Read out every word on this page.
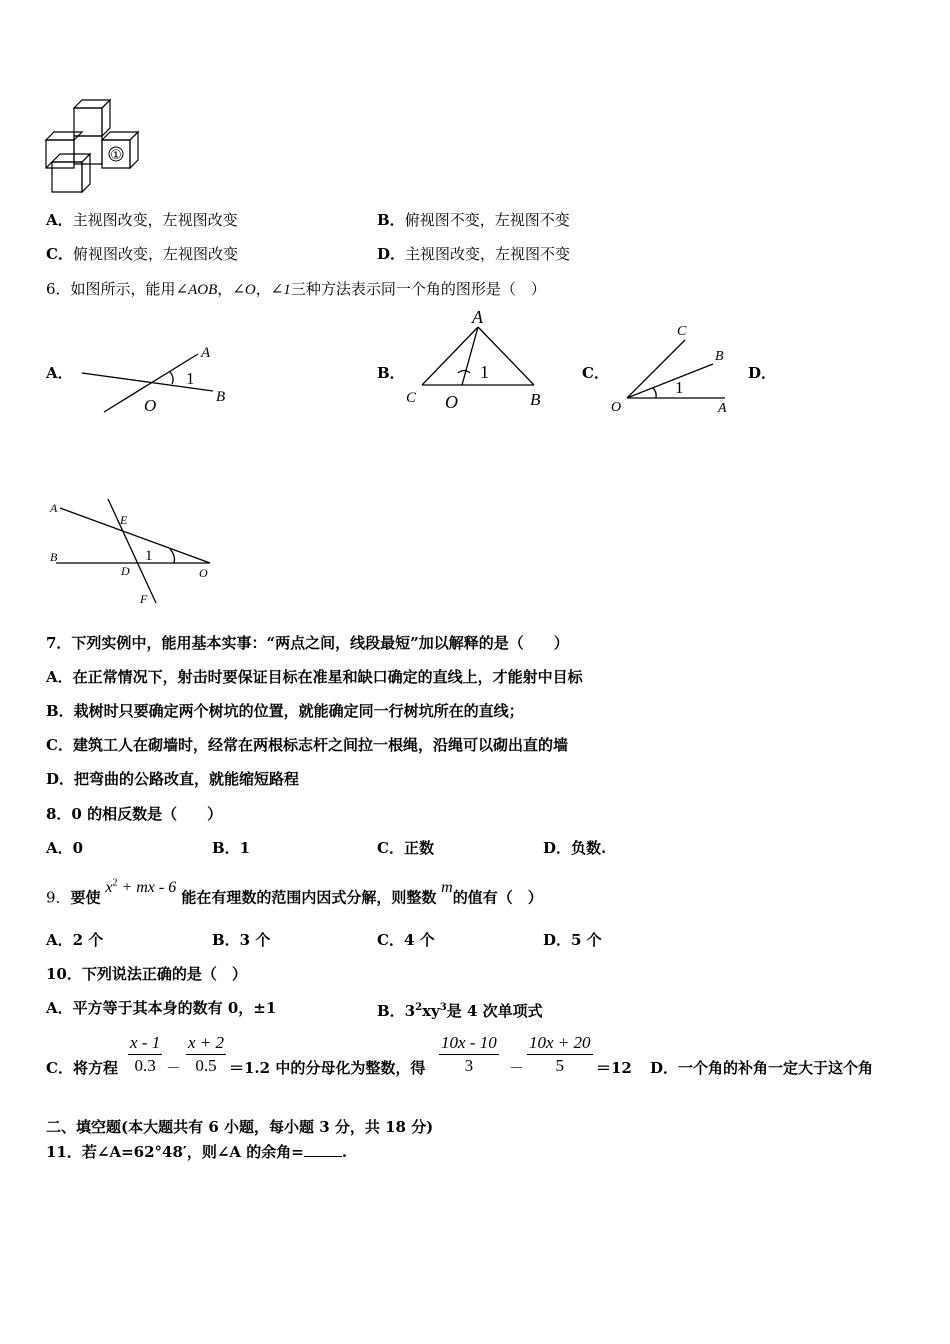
①
A．主视图改变，左视图改变	B．俯视图不变，左视图不变
C．俯视图改变，左视图改变	D．主视图改变，左视图不变
6．如图所示，能用∠AOB，∠O，∠1三种方法表示同一个角的图形是（　）
A．	B．	C．	D．
A
B
O
1
A
C O	B
1
C
B
O	A
1
A
E
B
D	O
F
1
7．下列实例中，能用基本实事：“两点之间，线段最短”加以解释的是（　　）
A．在正常情况下，射击时要保证目标在准星和缺口确定的直线上，才能射中目标
B．栽树时只要确定两个树坑的位置，就能确定同一行树坑所在的直线；
C．建筑工人在砌墙时，经常在两根标志杆之间拉一根绳，沿绳可以砌出直的墙
D．把弯曲的公路改直，就能缩短路程
8．0 的相反数是（　　）
A．0	B．1	C．正数	D．负数.
9．要使 $x^2$ + mx - 6 能在有理数的范围内因式分解，则整数 m的值有（　）
A．2 个	B．3 个	C．4 个	D．5 个
10．下列说法正确的是（　）
A．平方等于其本身的数有 0，±1	B．$3^2xy^3$是 4 次单项式
C．将方程 $\frac{x - 1}{0.3} - \frac{x + 2}{0.5} =1.2$ 中的分母化为整数，得 $\frac{10x - 10}{3} - \frac{10x + 20}{5} =12$ D．一个角的补角一定大于这个角
二、填空题(本大题共有 6 小题，每小题 3 分，共 18 分)
11．若∠A=62°48′，则∠A 的余角=	.
